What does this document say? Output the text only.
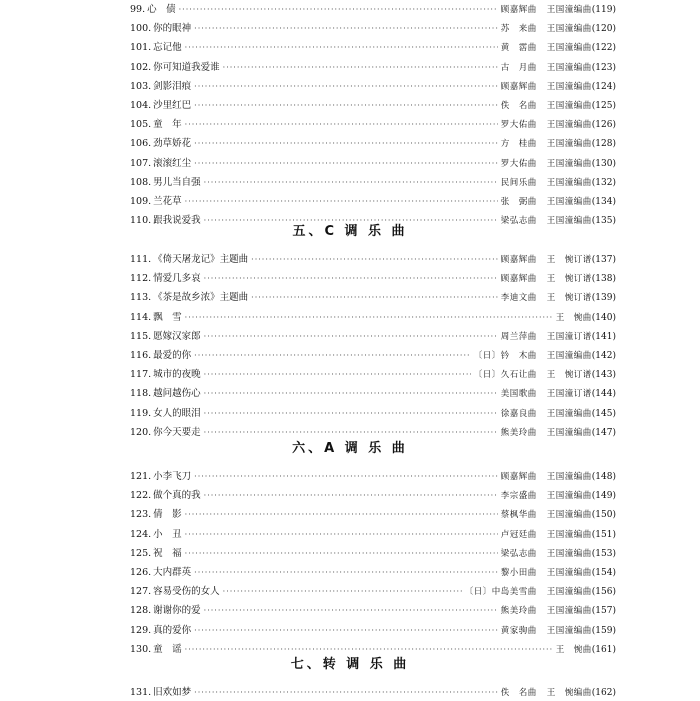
99. 心　债 ·····	顾嘉辉曲 王国潼编曲 (119)
100. 你的眼神 ·····	苏　来曲 王国潼编曲 (120)
101. 忘记他 ·····	黄　霑曲 王国潼编曲 (122)
102. 你可知道我爱谁 ·····	古　月曲 王国潼编曲 (123)
103. 剑影泪痕 ·····	顾嘉辉曲 王国潼编曲 (124)
104. 沙里红巴 ·····	佚　名曲 王国潼编曲 (125)
105. 童　年 ·····	罗大佑曲 王国潼编曲 (126)
106. 劲草娇花 ·····	方　桂曲 王国潼编曲 (128)
107. 滚滚红尘 ·····	罗大佑曲 王国潼编曲 (130)
108. 男儿当自强 ·····	民间乐曲 王国潼编曲 (132)
109. 兰花草 ·····	张　弼曲 王国潼编曲 (134)
110. 跟我说爱我 ·····	梁弘志曲 王国潼编曲 (135)
五、C 调 乐 曲
111. 《倚天屠龙记》主题曲 ·····	顾嘉辉曲 王　惋订谱 (137)
112. 情爱几多哀 ·····	顾嘉辉曲 王　惋订谱 (138)
113. 《茶是故乡浓》主题曲 ·····	李迪文曲 王　惋订谱 (139)
114. 飘　雪 ·····	王　惋曲 (140)
115. 愿嫁汉家郎 ·····	周兰萍曲 王国潼订谱 (141)
116. 最爱的你 ·····	〔日〕钤　木曲 王国潼编曲 (142)
117. 城市的夜晚 ·····	〔日〕久石让曲 王　惋订谱 (143)
118. 越问越伤心 ·····	美国歌曲 王国潼订谱 (144)
119. 女人的眼泪 ·····	徐嘉良曲 王国潼编曲 (145)
120. 你今天要走 ·····	熊美玲曲 王国潼编曲 (147)
六、A 调 乐 曲
121. 小李飞刀 ·····	顾嘉辉曲 王国潼编曲 (148)
122. 做个真的我 ·····	李宗盛曲 王国潼编曲 (149)
123. 倩　影 ·····	蔡枫华曲 王国潼编曲 (150)
124. 小　丑 ·····	卢冠廷曲 王国潼编曲 (151)
125. 祝　福 ·····	梁弘志曲 王国潼编曲 (153)
126. 大内群英 ·····	黎小田曲 王国潼编曲 (154)
127. 容易受伤的女人 ·····	〔日〕中岛美雪曲 王国潼编曲 (156)
128. 谢谢你的爱 ·····	熊美玲曲 王国潼编曲 (157)
129. 真的爱你 ·····	黄家驹曲 王国潼编曲 (159)
130. 童　谣 ·····	王　惋曲 (161)
七、转 调 乐 曲
131. 旧欢如梦 ·····	佚　名曲 王　惋编曲 (162)
